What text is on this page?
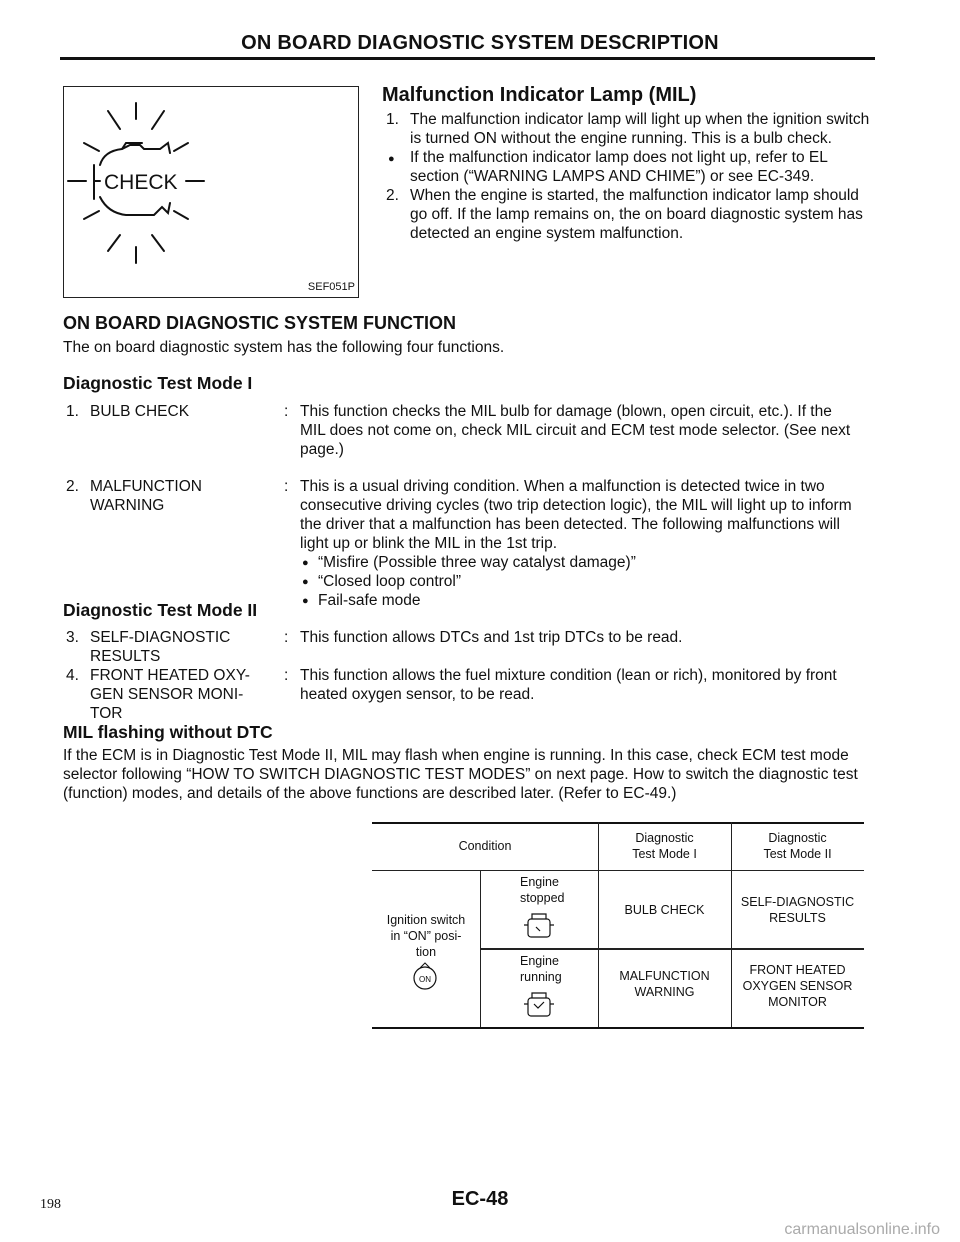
ON BOARD DIAGNOSTIC SYSTEM DESCRIPTION
CHECK
SEF051P
Malfunction Indicator Lamp (MIL)
1. The malfunction indicator lamp will light up when the ignition switch is turned ON without the engine running. This is a bulb check.
● If the malfunction indicator lamp does not light up, refer to EL section (“WARNING LAMPS AND CHIME”) or see EC-349.
2. When the engine is started, the malfunction indicator lamp should go off. If the lamp remains on, the on board diagnostic system has detected an engine system malfunction.
ON BOARD DIAGNOSTIC SYSTEM FUNCTION
The on board diagnostic system has the following four functions.
Diagnostic Test Mode I
1. BULB CHECK	: This function checks the MIL bulb for damage (blown, open circuit, etc.). If the MIL does not come on, check MIL circuit and ECM test mode selector. (See next page.)
2. MALFUNCTION WARNING
: This is a usual driving condition. When a malfunction is detected twice in two consecutive driving cycles (two trip detection logic), the MIL will light up to inform the driver that a malfunction has been detected. The following malfunctions will light up or blink the MIL in the 1st trip.
● “Misfire (Possible three way catalyst damage)”
● “Closed loop control”
● Fail-safe mode
Diagnostic Test Mode II
3. SELF-DIAGNOSTIC RESULTS
: This function allows DTCs and 1st trip DTCs to be read.
4. FRONT HEATED OXY-GEN SENSOR MONI-TOR
: This function allows the fuel mixture condition (lean or rich), monitored by front heated oxygen sensor, to be read.
MIL flashing without DTC
If the ECM is in Diagnostic Test Mode II, MIL may flash when engine is running. In this case, check ECM test mode selector following “HOW TO SWITCH DIAGNOSTIC TEST MODES” on next page. How to switch the diagnostic test (function) modes, and details of the above functions are described later. (Refer to EC-49.)
Condition
Diagnostic Test Mode I
Diagnostic Test Mode II
Ignition switch in “ON” posi-tion
ON
Engine stopped
Engine running
BULB CHECK
SELF-DIAGNOSTIC RESULTS
MALFUNCTION WARNING
FRONT HEATED OXYGEN SENSOR MONITOR
EC-48
198
carmanualsonline.info
